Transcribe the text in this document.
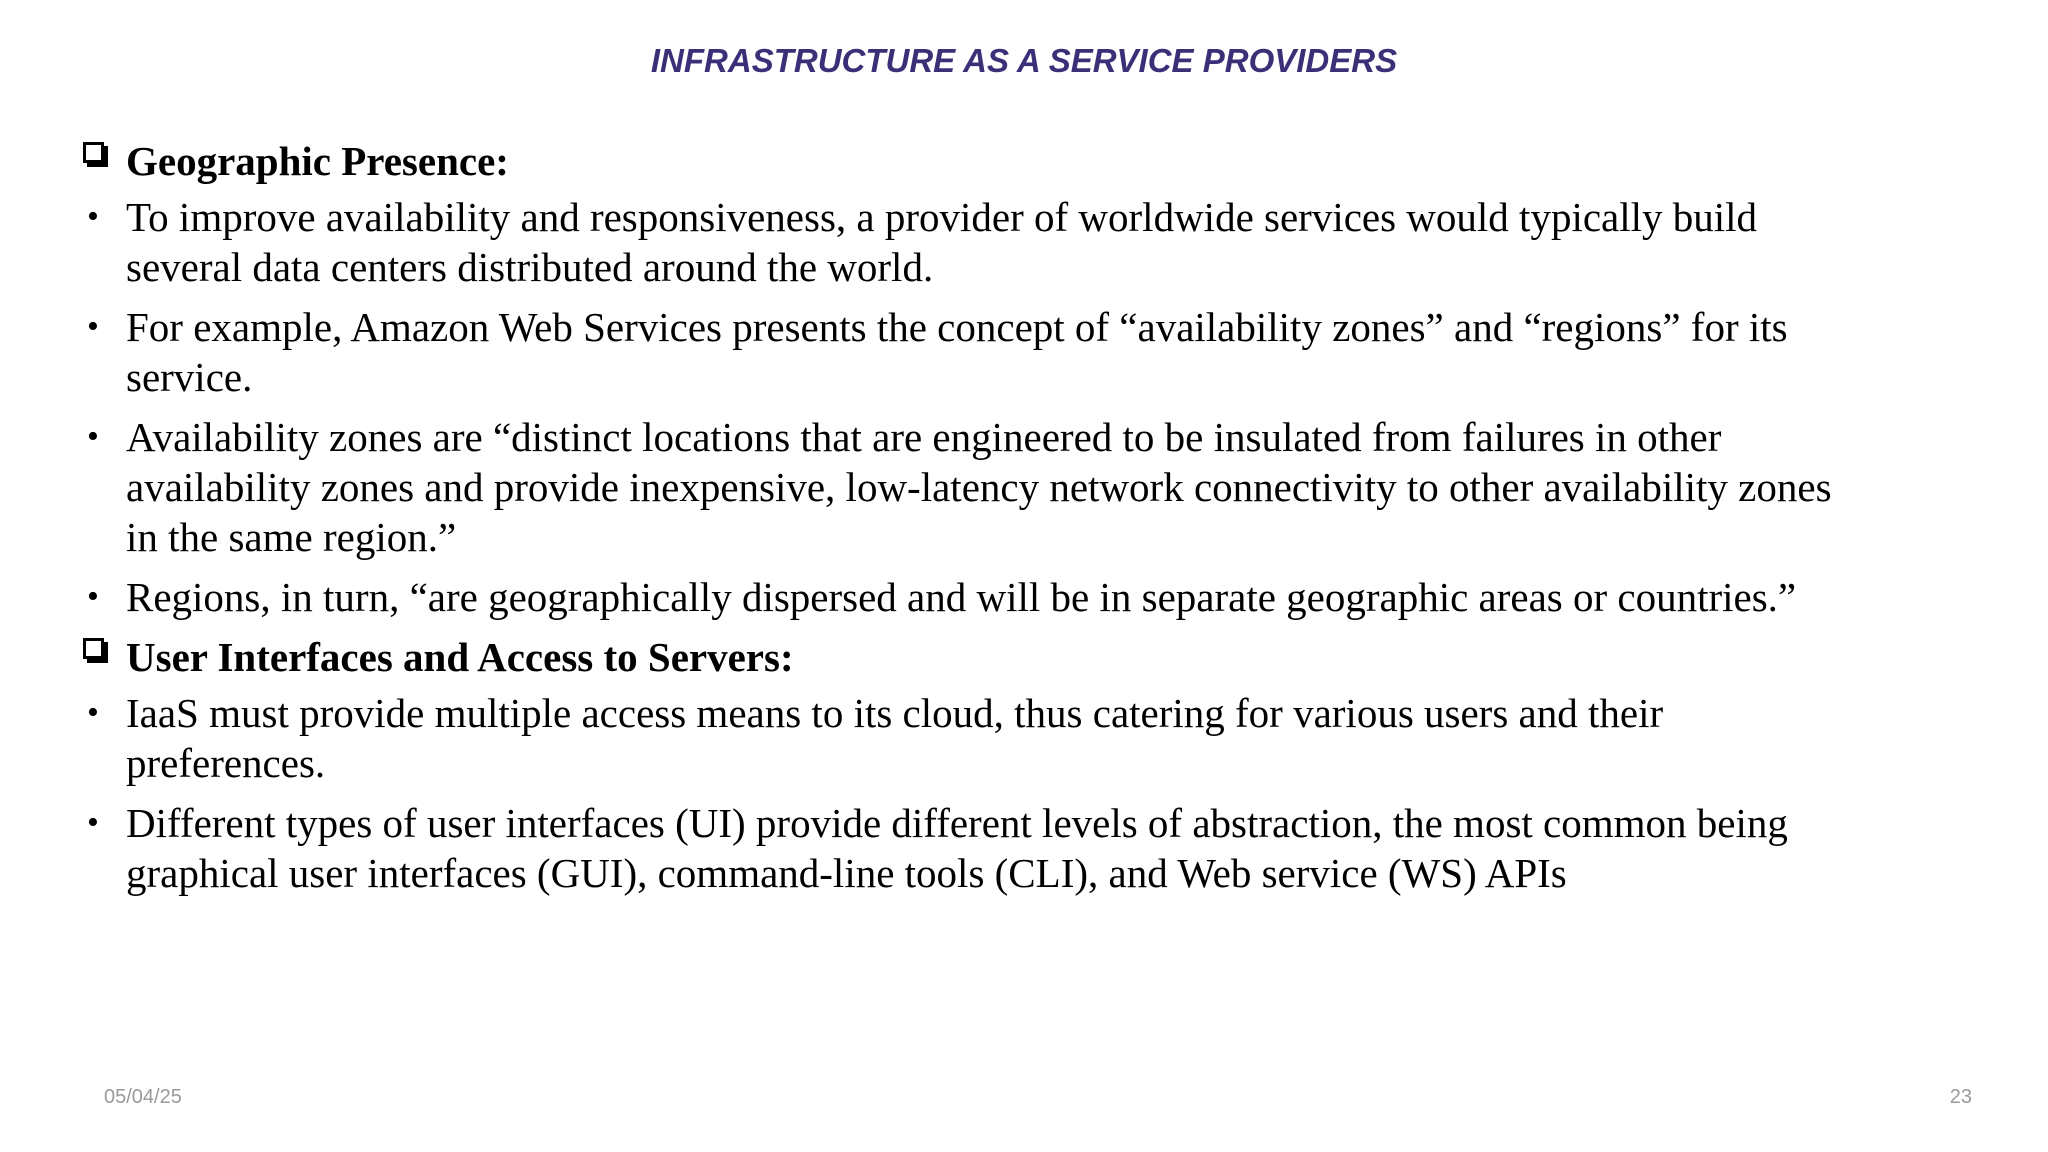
INFRASTRUCTURE AS A SERVICE PROVIDERS
Geographic Presence:
• To improve availability and responsiveness, a provider of worldwide services would typically build several data centers distributed around the world.
• For example, Amazon Web Services presents the concept of “availability zones” and “regions” for its service.
• Availability zones are “distinct locations that are engineered to be insulated from failures in other availability zones and provide inexpensive, low-latency network connectivity to other availability zones in the same region.”
• Regions, in turn, “are geographically dispersed and will be in separate geographic areas or countries.”
User Interfaces and Access to Servers:
• IaaS must provide multiple access means to its cloud, thus catering for various users and their preferences.
• Different types of user interfaces (UI) provide different levels of abstraction, the most common being graphical user interfaces (GUI), command-line tools (CLI), and Web service (WS) APIs
05/04/25	23
